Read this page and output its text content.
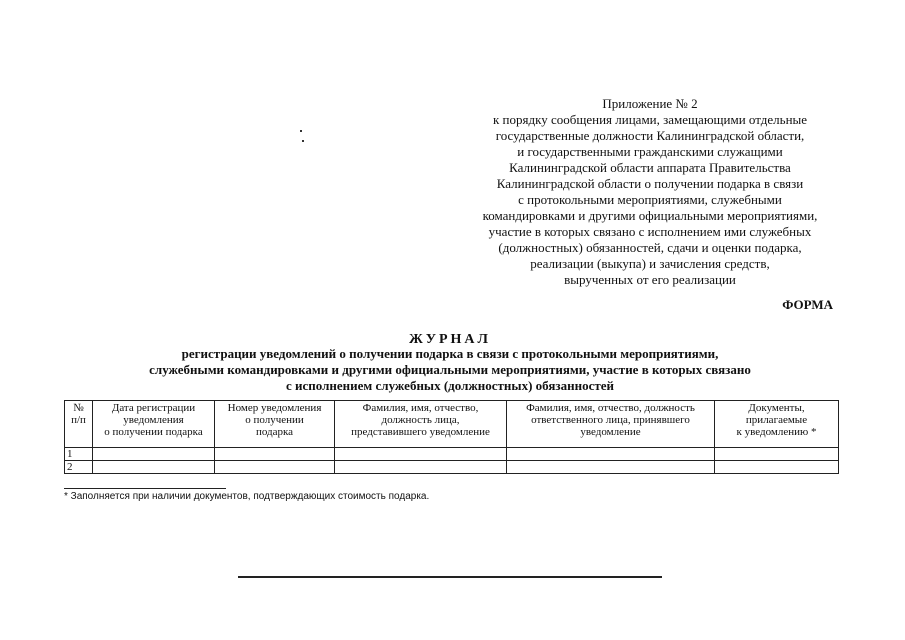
Приложение № 2
к порядку сообщения лицами, замещающими отдельные
государственные должности Калининградской области,
и государственными гражданскими служащими
Калининградской области аппарата Правительства
Калининградской области о получении подарка в связи
с протокольными мероприятиями, служебными
командировками и другими официальными мероприятиями,
участие в которых связано с исполнением ими служебных
(должностных) обязанностей, сдачи и оценки подарка,
реализации (выкупа) и зачисления средств,
вырученных от его реализации
ФОРМА
ЖУРНАЛ
регистрации уведомлений о получении подарка в связи с протокольными мероприятиями,
служебными командировками и другими официальными мероприятиями, участие в которых связано
с исполнением служебных (должностных) обязанностей
№
п/п	Дата регистрации
уведомления
о получении подарка	Номер уведомления
о получении
подарка	Фамилия, имя, отчество,
должность лица,
представившего уведомление	Фамилия, имя, отчество, должность
ответственного лица, принявшего
уведомление	Документы,
прилагаемые
к уведомлению *
1					
2					
* Заполняется при наличии документов, подтверждающих стоимость подарка.
